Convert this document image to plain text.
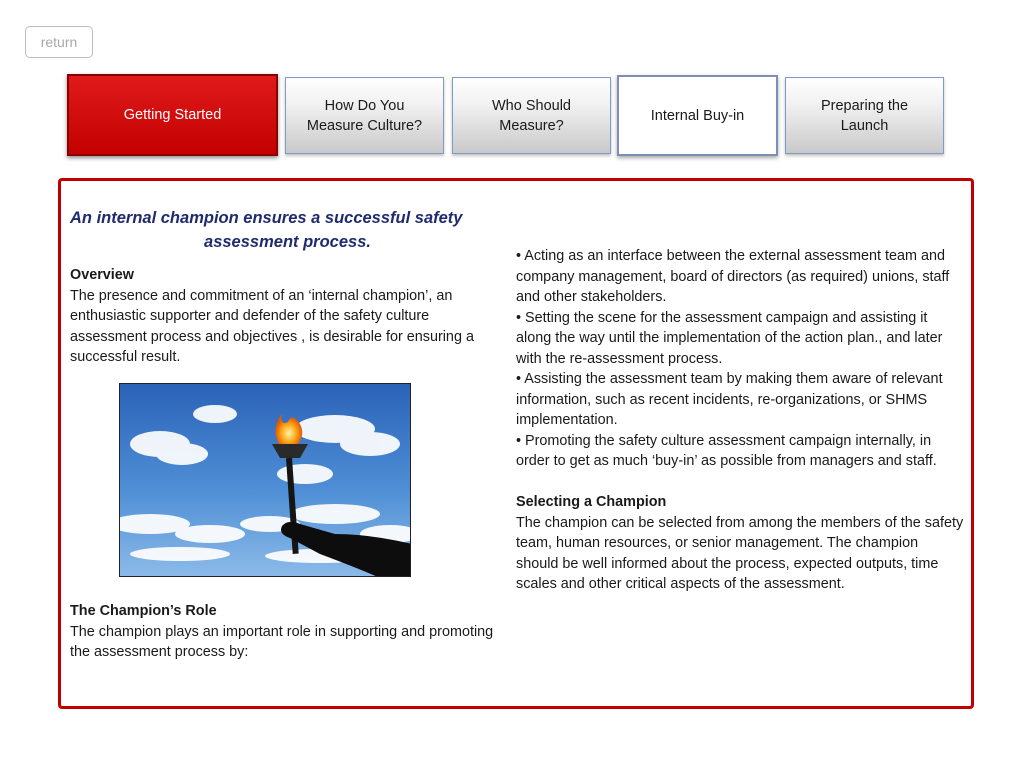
return
Getting Started
How Do You Measure Culture?
Who Should Measure?
Internal Buy-in
Preparing the Launch
An internal champion ensures a successful safety
assessment process.

Overview

The presence and commitment of an ‘internal champion’, an enthusiastic supporter and defender of the safety culture assessment process and objectives , is desirable for ensuring a successful result.

The Champion’s Role

The champion plays an important role in supporting and promoting the assessment process by:

• Acting as an interface between the external assessment team and company management, board of directors (as required) unions, staff and other stakeholders.

• Setting the scene for the assessment campaign and assisting it along the way until the implementation of the action plan., and later with the re-assessment process.

• Assisting the assessment team by making them aware of relevant information, such as recent incidents, re-organizations, or SHMS implementation.

• Promoting the safety culture assessment campaign internally, in order to get as much ‘buy-in’ as possible from managers and staff.

Selecting a Champion

The champion can be selected from among the members of the safety team, human resources, or senior management. The champion should be well informed about the process, expected outputs, time scales and other critical aspects of the assessment.
